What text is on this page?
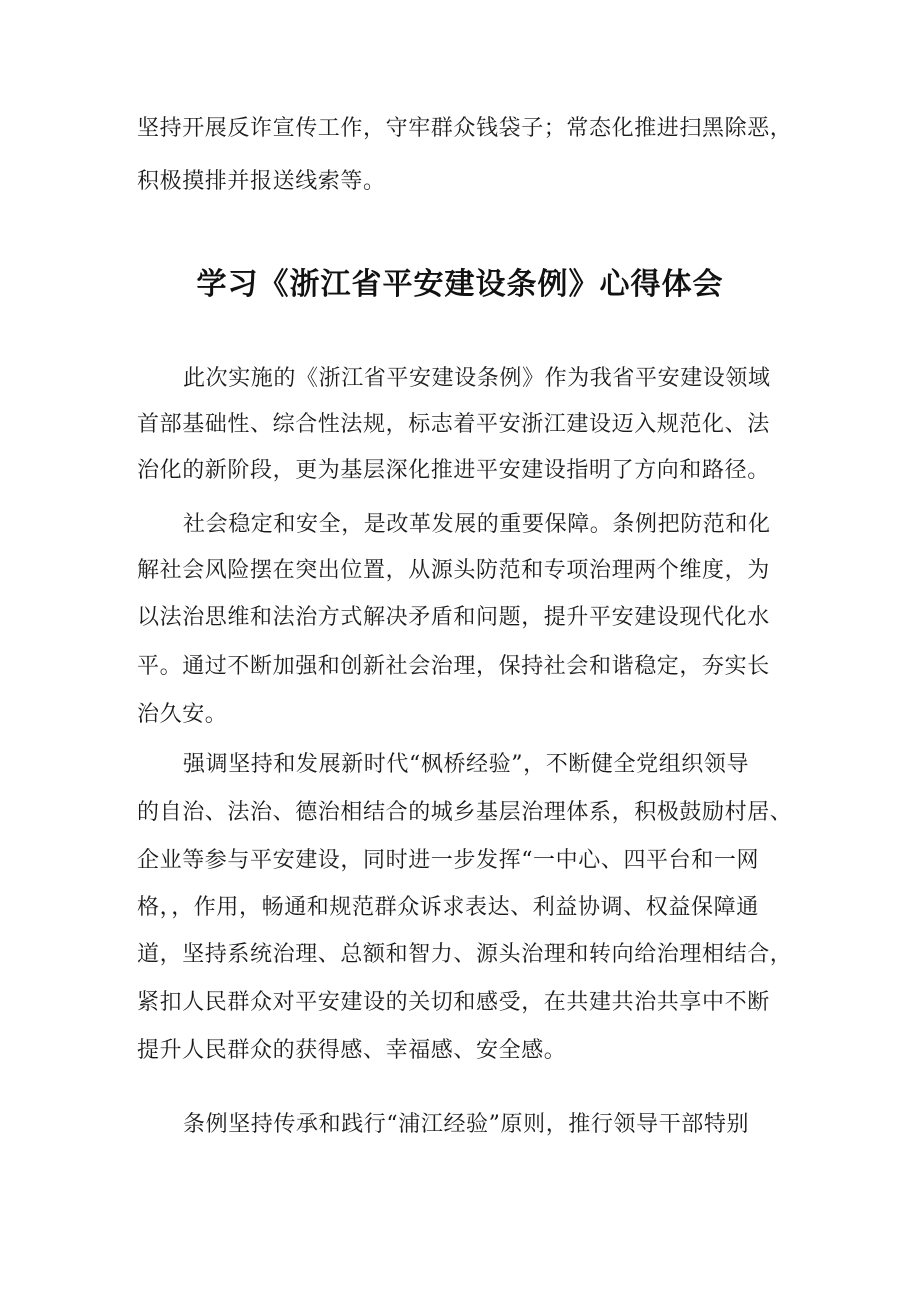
坚持开展反诈宣传工作，守牢群众钱袋子；常态化推进扫黑除恶，
积极摸排并报送线索等。
学习《浙江省平安建设条例》心得体会
此次实施的《浙江省平安建设条例》作为我省平安建设领域
首部基础性、综合性法规，标志着平安浙江建设迈入规范化、法
治化的新阶段，更为基层深化推进平安建设指明了方向和路径。
社会稳定和安全，是改革发展的重要保障。条例把防范和化
解社会风险摆在突出位置，从源头防范和专项治理两个维度，为
以法治思维和法治方式解决矛盾和问题，提升平安建设现代化水
平。通过不断加强和创新社会治理，保持社会和谐稳定，夯实长
治久安。
强调坚持和发展新时代“枫桥经验”，不断健全党组织领导
的自治、法治、德治相结合的城乡基层治理体系，积极鼓励村居、
企业等参与平安建设，同时进一步发挥“一中心、四平台和一网
格，，作用，畅通和规范群众诉求表达、利益协调、权益保障通
道，坚持系统治理、总额和智力、源头治理和转向给治理相结合，
紧扣人民群众对平安建设的关切和感受，在共建共治共享中不断
提升人民群众的获得感、幸福感、安全感。
条例坚持传承和践行“浦江经验”原则，推行领导干部特别
